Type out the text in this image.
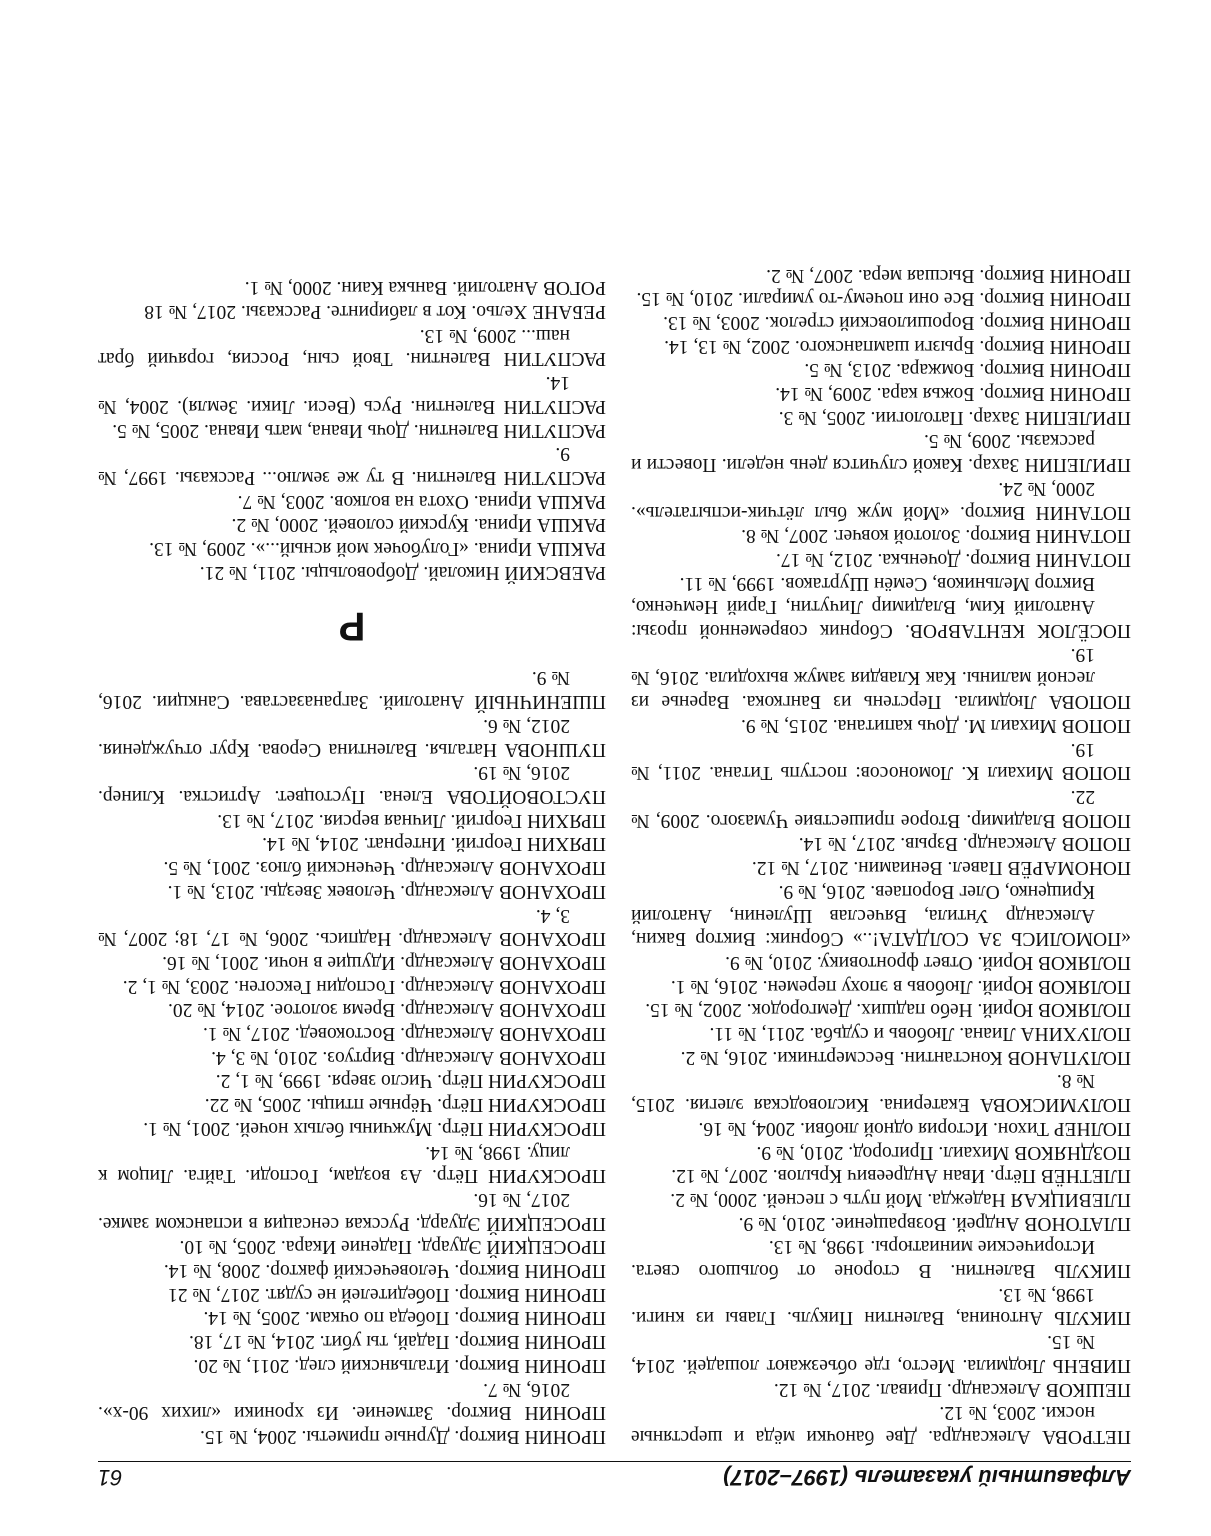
Алфавитный указатель (1997–2017)
61

ПЕТРОВА Александра. Две баночки мёда и шерстяные носки. 2003, № 12.

ПЕШКОВ Александр. Привал. 2017, № 12.

ПИВЕНЬ Людмила. Место, где объезжают лошадей. 2014, № 15.

ПИКУЛЬ Антонина, Валентин Пикуль. Главы из книги. 1998, № 13.

ПИКУЛЬ Валентин. В стороне от большого света. Исторические миниатюры. 1998, № 13.

ПЛАТОНОВ Андрей. Возвращение. 2010, № 9.

ПЛЕВИЦКАЯ Надежда. Мой путь с песней. 2000, № 2.

ПЛЕТНЁВ Пётр. Иван Андреевич Крылов. 2007, № 12.

ПОЗДНЯКОВ Михаил. Пригород. 2010, № 9.

ПОЛНЕР Тихон. История одной любви. 2004, № 16.

ПОЛУМИСКОВА Екатерина. Кисловодская элегия. 2015, № 8.

ПОЛУПАНОВ Константин. Бессмертники. 2016, № 2.

ПОЛУХИНА Лиана. Любовь и судьба. 2011, № 11.

ПОЛЯКОВ Юрий. Небо падших. Демгородок. 2002, № 15.

ПОЛЯКОВ Юрий. Любовь в эпоху перемен. 2016, № 1.

ПОЛЯКОВ Юрий. Ответ фронтовику. 2010, № 9.

«ПОМОЛИСЬ ЗА СОЛДАТА!..» Сборник: Виктор Бакин, Александр Унтила, Вячеслав Шуленин, Анатолий Крищенко, Олег Воропаев. 2016, № 9.

ПОНОМАРЁВ Павел. Вениамин. 2017, № 12.

ПОПОВ Александр. Взрыв. 2017, № 14.

ПОПОВ Владимир. Второе пришествие Чумазого. 2009, № 22.

ПОПОВ Михаил К. Ломоносов: поступь Титана. 2011, № 19.

ПОПОВ Михаил М. Дочь капитана. 2015, № 9.

ПОПОВА Людмила. Перстень из Бангкока. Варенье из лесной малины. Как Клавдия замуж выходила. 2016, № 19.

ПОСЁЛОК КЕНТАВРОВ. Сборник современной прозы: Анатолий Ким, Владимир Личутин, Гарий Немченко, Виктор Мельников, Семён Шуртаков. 1999, № 11.

ПОТАНИН Виктор. Доченька. 2012, № 17.

ПОТАНИН Виктор. Золотой ковчег. 2007, № 8.

ПОТАНИН Виктор. «Мой муж был лётчик-испытатель». 2000, № 24.

ПРИЛЕПИН Захар. Какой случится день недели. Повести и рассказы. 2009, № 5.

ПРИЛЕПИН Захар. Патологии. 2005, № 3.

ПРОНИН Виктор. Божья кара. 2009, № 14.

ПРОНИН Виктор. Бомжара. 2013, № 5.

ПРОНИН Виктор. Брызги шампанского. 2002, № 13, 14.

ПРОНИН Виктор. Ворошиловский стрелок. 2003, № 13.

ПРОНИН Виктор. Все они почему-то умирали. 2010, № 15.

ПРОНИН Виктор. Высшая мера. 2007, № 2.

ПРОНИН Виктор. Дурные приметы. 2004, № 15.

ПРОНИН Виктор. Затмение. Из хроники «лихих 90-х». 2016, № 7.

ПРОНИН Виктор. Итальянский след. 2011, № 20.

ПРОНИН Виктор. Падай, ты убит. 2014, № 17, 18.

ПРОНИН Виктор. Победа по очкам. 2005, № 14.

ПРОНИН Виктор. Победителей не судят. 2017, № 21

ПРОНИН Виктор. Человеческий фактор. 2008, № 14.

ПРОСЕЦКИЙ Эдуард. Падение Икара. 2005, № 10.

ПРОСЕЦКИЙ Эдуард. Русская сенсация в испанском замке. 2017, № 16.

ПРОСКУРИН Пётр. Аз воздам, Господи. Тайга. Лицом к лицу. 1998, № 14.

ПРОСКУРИН Пётр. Мужчины белых ночей. 2001, № 1.

ПРОСКУРИН Пётр. Чёрные птицы. 2005, № 22.

ПРОСКУРИН Пётр. Число зверя. 1999, № 1, 2.

ПРОХАНОВ Александр. Виртуоз. 2010, № 3, 4.

ПРОХАНОВ Александр. Востоковед. 2017, № 1.

ПРОХАНОВ Александр. Время золотое. 2014, № 20.

ПРОХАНОВ Александр. Господин Гексоген. 2003, № 1, 2.

ПРОХАНОВ Александр. Идущие в ночи. 2001, № 16.

ПРОХАНОВ Александр. Надпись. 2006, № 17, 18; 2007, № 3, 4.

ПРОХАНОВ Александр. Человек Звезды. 2013, № 1.

ПРОХАНОВ Александр. Чеченский блюз. 2001, № 5.

ПРЯХИН Георгий. Интернат. 2014, № 14.

ПРЯХИН Георгий. Личная версия. 2017, № 13.

ПУСТОВОЙТОВА Елена. Пустоцвет. Артистка. Клинер. 2016, № 19.

ПУШНОВА Наталья. Валентина Серова. Круг отчуждения. 2012, № 6.

ПШЕНИЧНЫЙ Анатолий. Заграназастава. Санкции. 2016, № 9.

Р

РАЕВСКИЙ Николай. Добровольцы. 2011, № 21.

РАКША Ирина. «Голубочек мой ясный...». 2009, № 13.

РАКША Ирина. Курский соловей. 2000, № 2.

РАКША Ирина. Охота на волков. 2003, № 7.

РАСПУТИН Валентин. В ту же землю... Рассказы. 1997, № 9.

РАСПУТИН Валентин. Дочь Ивана, мать Ивана. 2005, № 5.

РАСПУТИН Валентин. Русь (Веси. Лики. Земля). 2004, № 14.

РАСПУТИН Валентин. Твой сын, Россия, горячий брат наш... 2009, № 13.

РЕБАНЕ Хельо. Кот в лабиринте. Рассказы. 2017, № 18

РОГОВ Анатолий. Ванька Каин. 2000, № 1.
